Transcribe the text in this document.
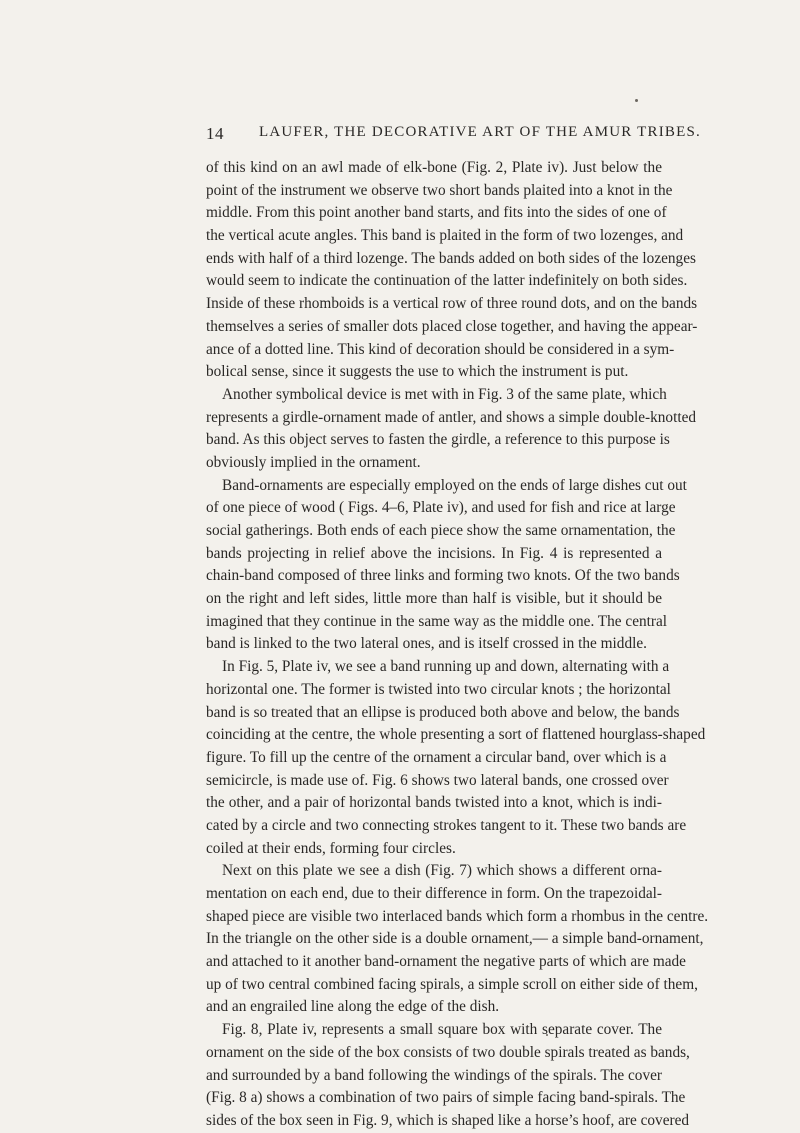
14 LAUFER, THE DECORATIVE ART OF THE AMUR TRIBES.
of this kind on an awl made of elk-bone (Fig. 2, Plate iv). Just below the
point of the instrument we observe two short bands plaited into a knot in the
middle. From this point another band starts, and fits into the sides of one of
the vertical acute angles. This band is plaited in the form of two lozenges, and
ends with half of a third lozenge. The bands added on both sides of the lozenges
would seem to indicate the continuation of the latter indefinitely on both sides.
Inside of these rhomboids is a vertical row of three round dots, and on the bands
themselves a series of smaller dots placed close together, and having the appear-
ance of a dotted line. This kind of decoration should be considered in a sym-
bolical sense, since it suggests the use to which the instrument is put.
Another symbolical device is met with in Fig. 3 of the same plate, which
represents a girdle-ornament made of antler, and shows a simple double-knotted
band. As this object serves to fasten the girdle, a reference to this purpose is
obviously implied in the ornament.
Band-ornaments are especially employed on the ends of large dishes cut out
of one piece of wood ( Figs. 4–6, Plate iv), and used for fish and rice at large
social gatherings. Both ends of each piece show the same ornamentation, the
bands projecting in relief above the incisions. In Fig. 4 is represented a
chain-band composed of three links and forming two knots. Of the two bands
on the right and left sides, little more than half is visible, but it should be
imagined that they continue in the same way as the middle one. The central
band is linked to the two lateral ones, and is itself crossed in the middle.
In Fig. 5, Plate iv, we see a band running up and down, alternating with a
horizontal one. The former is twisted into two circular knots ; the horizontal
band is so treated that an ellipse is produced both above and below, the bands
coinciding at the centre, the whole presenting a sort of flattened hourglass-shaped
figure. To fill up the centre of the ornament a circular band, over which is a
semicircle, is made use of. Fig. 6 shows two lateral bands, one crossed over
the other, and a pair of horizontal bands twisted into a knot, which is indi-
cated by a circle and two connecting strokes tangent to it. These two bands are
coiled at their ends, forming four circles.
Next on this plate we see a dish (Fig. 7) which shows a different orna-
mentation on each end, due to their difference in form. On the trapezoidal-
shaped piece are visible two interlaced bands which form a rhombus in the centre.
In the triangle on the other side is a double ornament,— a simple band-ornament,
and attached to it another band-ornament the negative parts of which are made
up of two central combined facing spirals, a simple scroll on either side of them,
and an engrailed line along the edge of the dish.
Fig. 8, Plate iv, represents a small square box with separate cover. The
ornament on the side of the box consists of two double spirals treated as bands,
and surrounded by a band following the windings of the spirals. The cover
(Fig. 8 a) shows a combination of two pairs of simple facing band-spirals. The
sides of the box seen in Fig. 9, which is shaped like a horse’s hoof, are covered
